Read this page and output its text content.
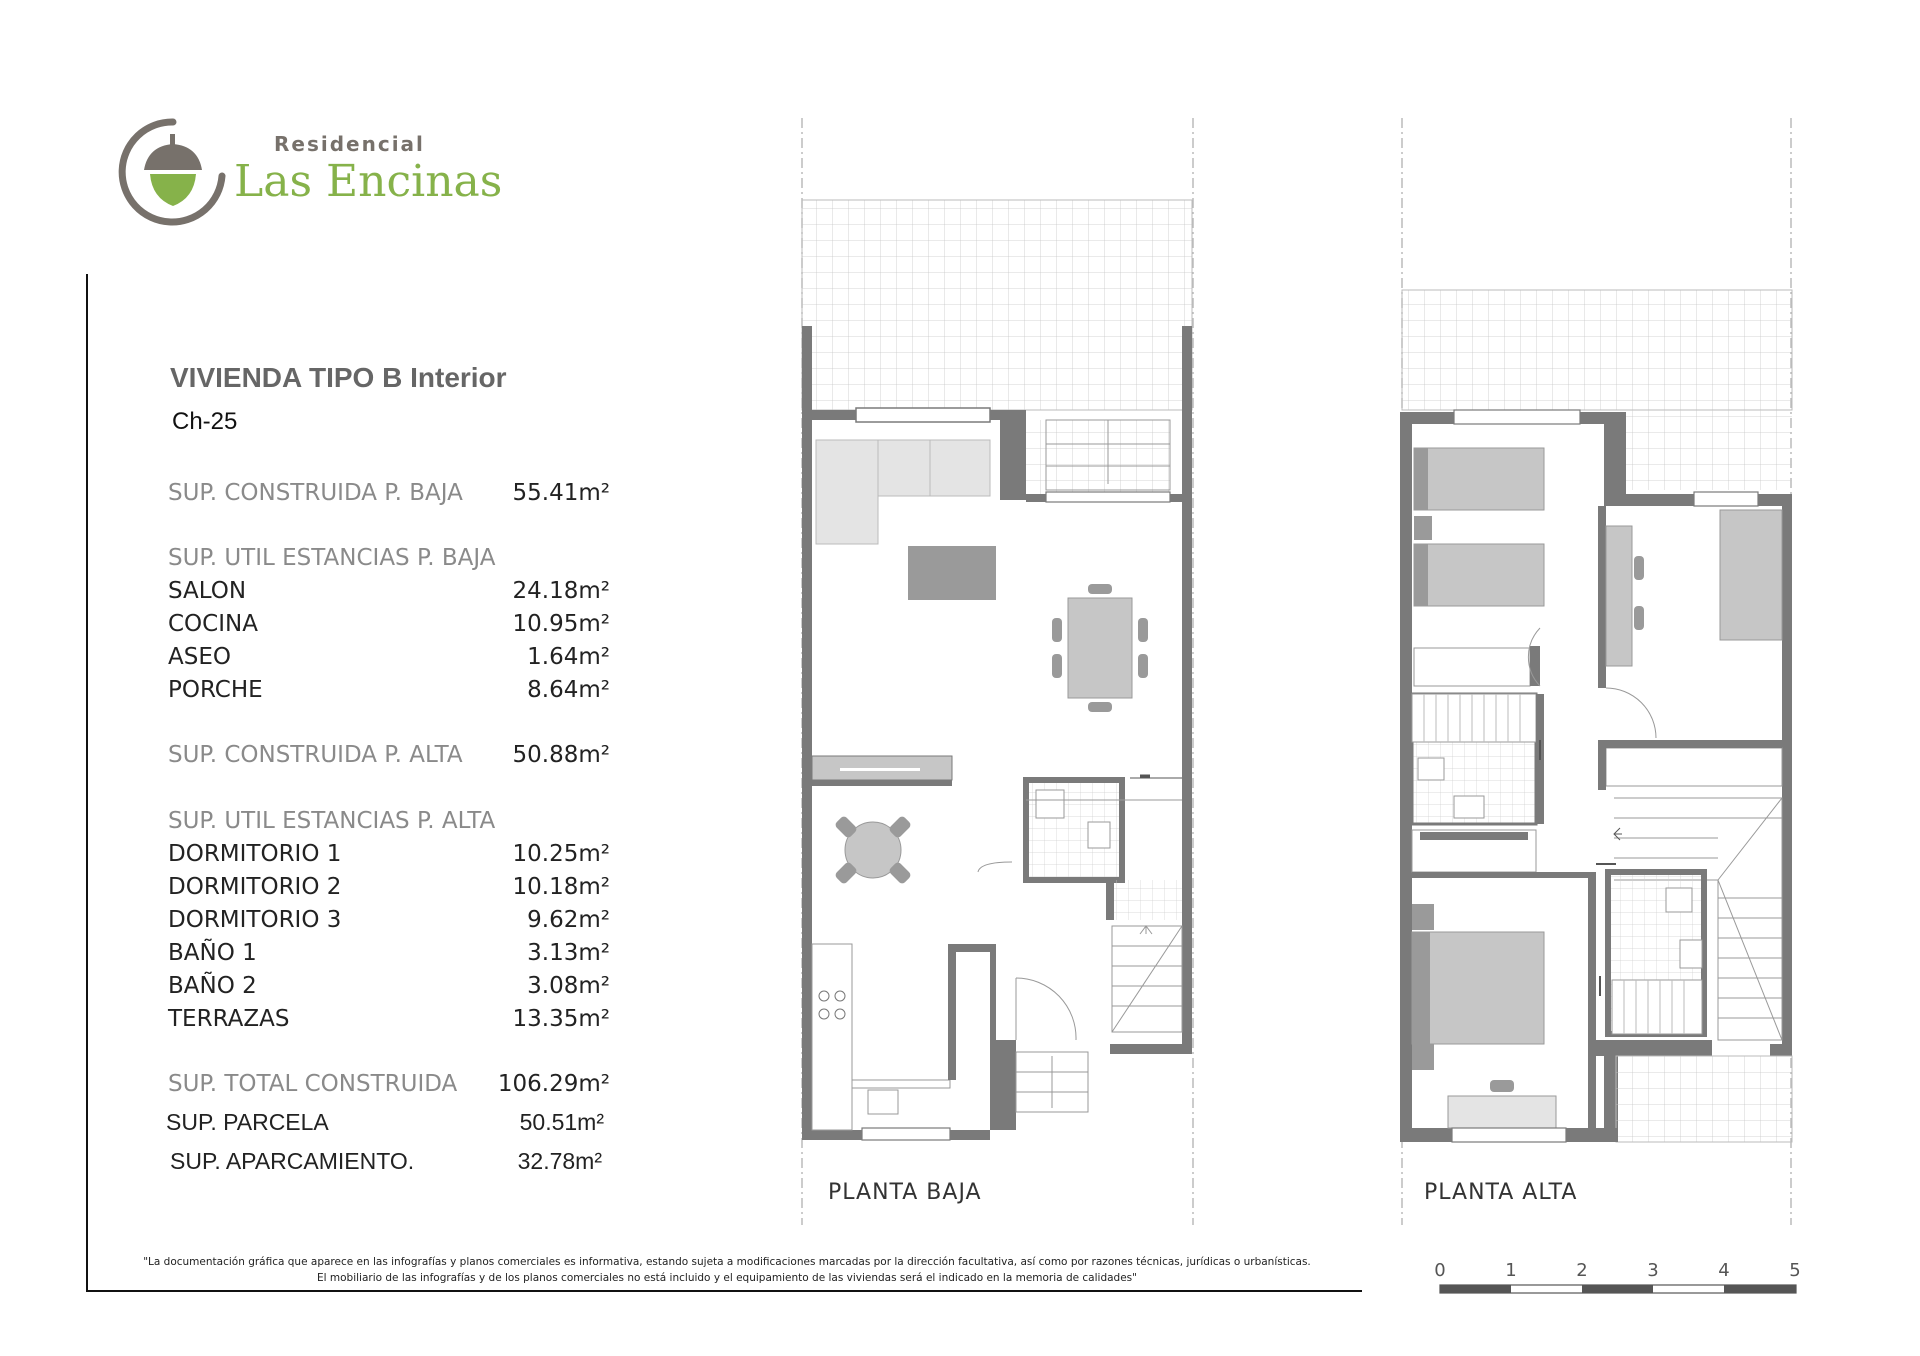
Residencial
Las Encinas
VIVIENDA TIPO B Interior
Ch-25
SUP. CONSTRUIDA P. BAJA 55.41m²
SUP. UTIL ESTANCIAS P. BAJA
SALON	24.18m²
COCINA	10.95m²
ASEO	1.64m²
PORCHE	8.64m²
SUP. CONSTRUIDA P. ALTA 50.88m²
SUP. UTIL ESTANCIAS P. ALTA
DORMITORIO 1	10.25m²
DORMITORIO 2	10.18m²
DORMITORIO 3	9.62m²
BAÑO 1	3.13m²
BAÑO 2	3.08m²
TERRAZAS	13.35m²
SUP. TOTAL CONSTRUIDA 106.29m²
SUP. PARCELA	50.51m²
SUP. APARCAMIENTO.	32.78m²
PLANTA BAJA	PLANTA ALTA
0	1	2	3	4	5
"La documentación gráfica que aparece en las infografías y planos comerciales es informativa, estando sujeta a modificaciones marcadas por la dirección facultativa, así como por razones técnicas, jurídicas o urbanísticas.
El mobiliario de las infografías y de los planos comerciales no está incluido y el equipamiento de las viviendas será el indicado en la memoria de calidades"
